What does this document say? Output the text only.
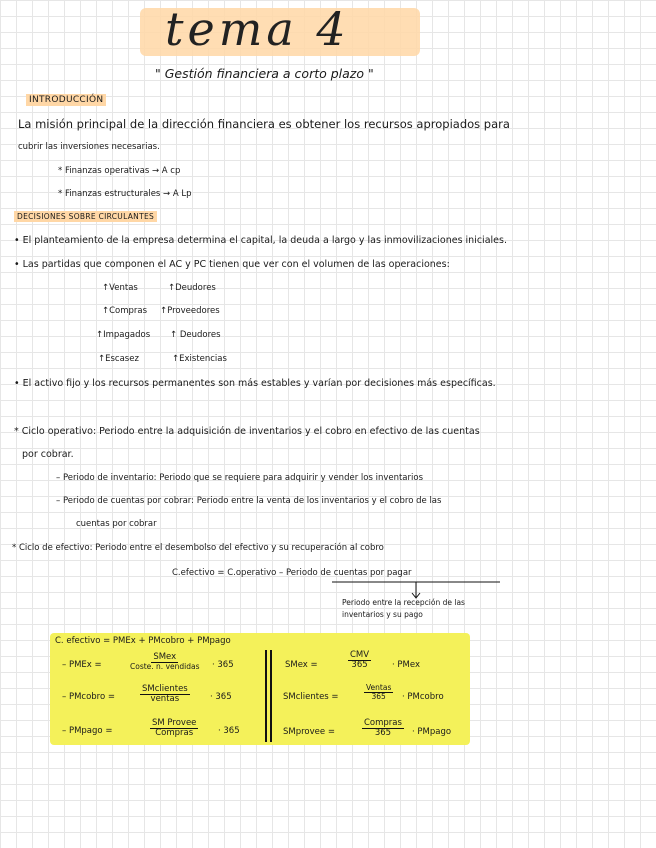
tema 4
" Gestión financiera a corto plazo "
INTRODUCCIÓN
La misión principal de la dirección financiera es obtener los recursos apropiados para
cubrir las inversiones necesarias.
* Finanzas operativas → A cp
* Finanzas estructurales → A Lp
DECISIONES SOBRE CIRCULANTES
• El planteamiento de la empresa determina el capital, la deuda a largo y las inmovilizaciones iniciales.
• Las partidas que componen el AC y PC tienen que ver con el volumen de las operaciones:
↑Ventas	↑Deudores
↑Compras ↑Proveedores
↑Impagados ↑ Deudores
↑Escasez	↑Existencias
• El activo fijo y los recursos permanentes son más estables y varían por decisiones más específicas.
* Ciclo operativo: Periodo entre la adquisición de inventarios y el cobro en efectivo de las cuentas
por cobrar.
– Periodo de inventario: Periodo que se requiere para adquirir y vender los inventarios
– Periodo de cuentas por cobrar: Periodo entre la venta de los inventarios y el cobro de las
cuentas por cobrar
* Ciclo de efectivo: Periodo entre el desembolso del efectivo y su recuperación al cobro
C.efectivo = C.operativo – Periodo de cuentas por pagar
Periodo entre la recepción de las
inventarios y su pago
C. efectivo = PMEx + PMcobro + PMpago
– PMEx =
SMex
Coste. n. vendidas · 365
– PMcobro =
SMclientes
ventas	· 365
– PMpago =
SM Provee
Compras	· 365
SMex =
CMV
365	· PMex
SMclientes =
Ventas
365 · PMcobro
SMprovee =
Compras
365 · PMpago
